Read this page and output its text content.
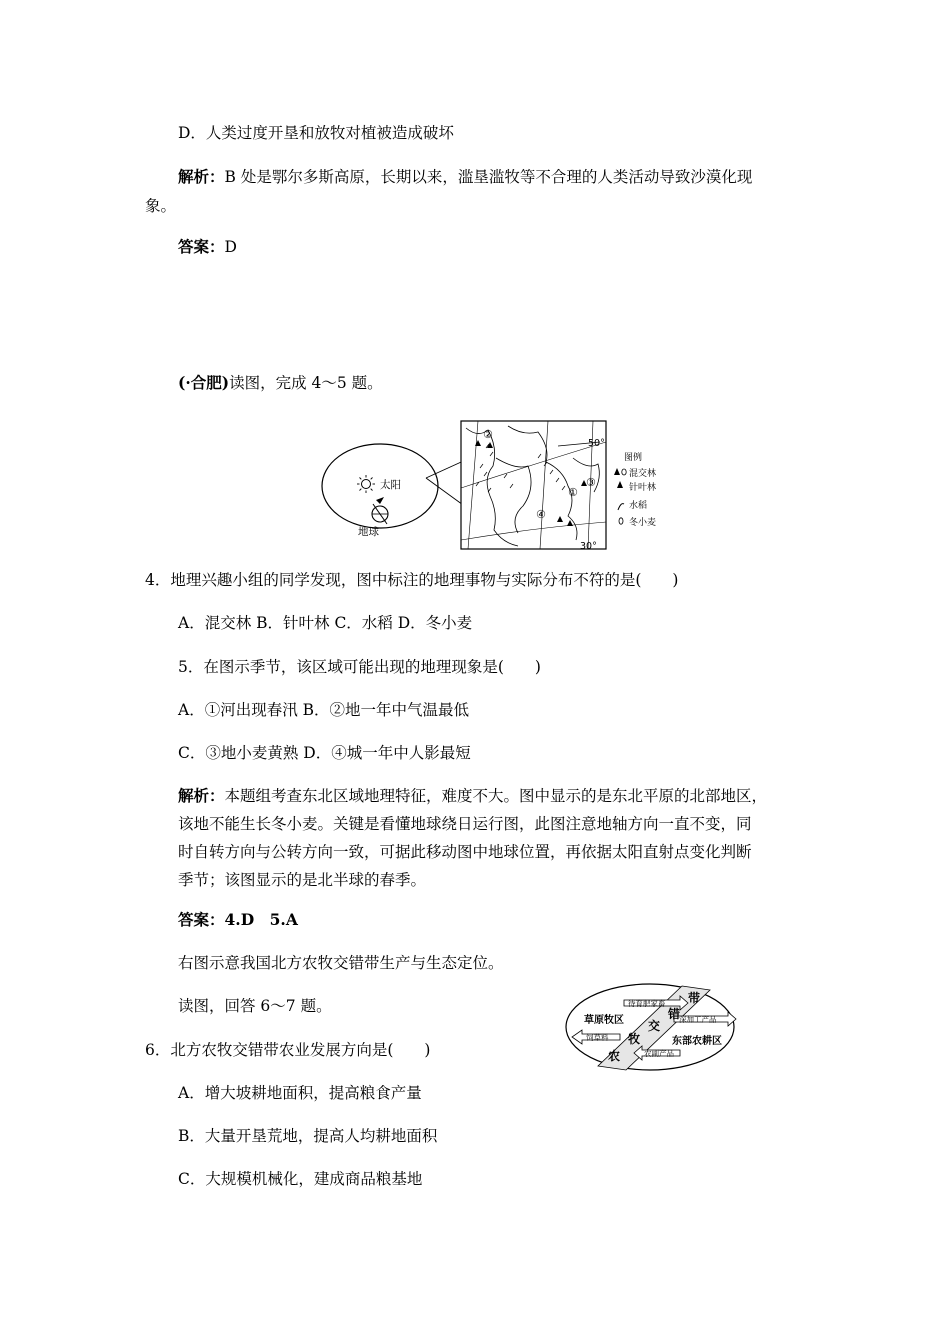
D．人类过度开垦和放牧对植被造成破坏
解析：B 处是鄂尔多斯高原，长期以来，滥垦滥牧等不合理的人类活动导致沙漠化现
象。
答案：D
(·合肥)读图，完成 4～5 题。
太阳
地球
50°
30°
②
③
①
④
图例
混交林
针叶林
水稻
冬小麦
4．地理兴趣小组的同学发现，图中标注的地理事物与实际分布不符的是(　　)
A．混交林 B．针叶林 C．水稻 D．冬小麦
5．在图示季节，该区域可能出现的地理现象是(　　)
A．①河出现春汛 B．②地一年中气温最低
C．③地小麦黄熟 D．④城一年中人影最短
解析：本题组考查东北区域地理特征，难度不大。图中显示的是东北平原的北部地区，
该地不能生长冬小麦。关键是看懂地球绕日运行图，此图注意地轴方向一直不变，同
时自转方向与公转方向一致，可据此移动图中地球位置，再依据太阳直射点变化判断
季节；该图显示的是北半球的春季。
答案：4.D　5.A
右图示意我国北方农牧交错带生产与生态定位。
读图，回答 6～7 题。	待育肥家畜
深加工产品
饲草料
农副产品
草原牧区
东部农耕区
带
错
交
牧
农
6．北方农牧交错带农业发展方向是(　　)
A．增大坡耕地面积，提高粮食产量
B．大量开垦荒地，提高人均耕地面积
C．大规模机械化，建成商品粮基地
